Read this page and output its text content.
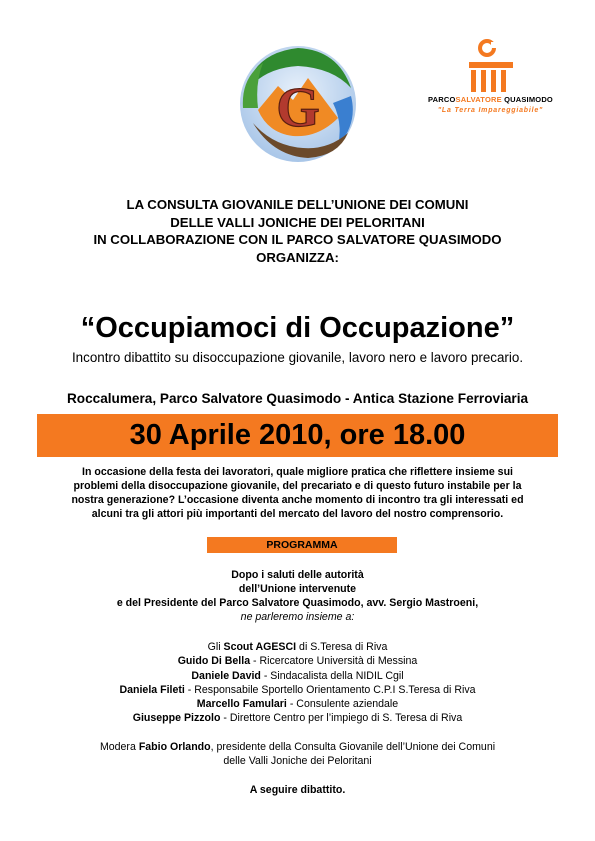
G	PARCOSALVATORE QUASIMODO
"La Terra Impareggiabile"
LA CONSULTA GIOVANILE DELL’UNIONE DEI COMUNI
DELLE VALLI JONICHE DEI PELORITANI
IN COLLABORAZIONE CON IL PARCO SALVATORE QUASIMODO
ORGANIZZA:
“Occupiamoci di Occupazione”
Incontro dibattito su disoccupazione giovanile, lavoro nero e lavoro precario.
Roccalumera, Parco Salvatore Quasimodo - Antica Stazione Ferroviaria
30 Aprile 2010, ore 18.00
In occasione della festa dei lavoratori, quale migliore pratica che riflettere insieme sui
problemi della disoccupazione giovanile, del precariato e di questo futuro instabile per la
nostra generazione? L’occasione diventa anche momento di incontro tra gli interessati ed
alcuni tra gli attori più importanti del mercato del lavoro del nostro comprensorio.
PROGRAMMA
Dopo i saluti delle autorità
dell’Unione intervenute
e del Presidente del Parco Salvatore Quasimodo, avv. Sergio Mastroeni,
ne parleremo insieme a:
Gli Scout AGESCI di S.Teresa di Riva
Guido Di Bella - Ricercatore Università di Messina
Daniele David - Sindacalista della NIDIL Cgil
Daniela Fileti - Responsabile Sportello Orientamento C.P.I S.Teresa di Riva
Marcello Famulari - Consulente aziendale
Giuseppe Pizzolo - Direttore Centro per l’impiego di S. Teresa di Riva
Modera Fabio Orlando, presidente della Consulta Giovanile dell’Unione dei Comuni
delle Valli Joniche dei Peloritani
A seguire dibattito.
